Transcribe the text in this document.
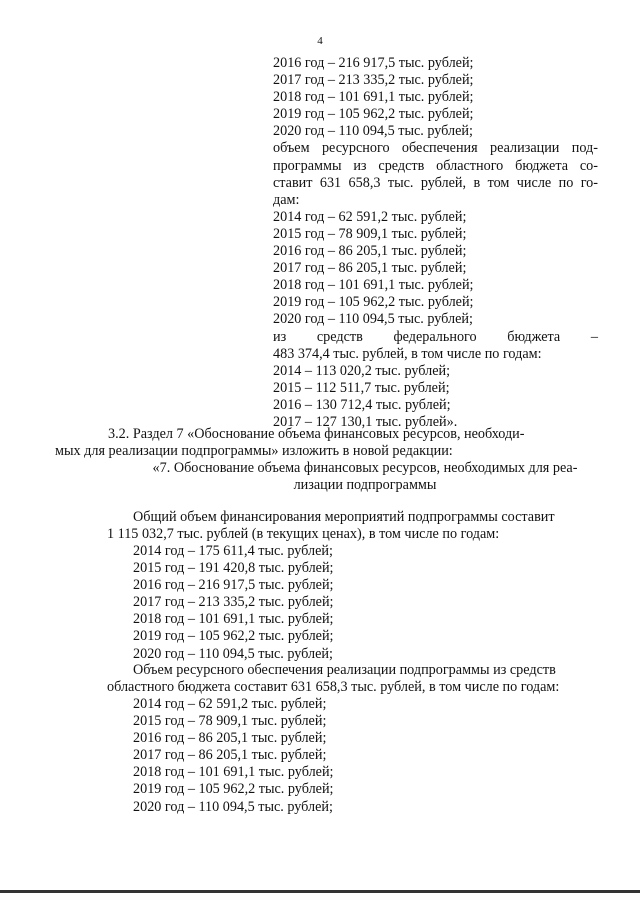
4
2016 год – 216 917,5 тыс. рублей;
2017 год – 213 335,2 тыс. рублей;
2018 год – 101 691,1 тыс. рублей;
2019 год – 105 962,2 тыс. рублей;
2020 год – 110 094,5 тыс. рублей;
объем ресурсного обеспечения реализации под-
программы из средств областного бюджета со-
ставит 631 658,3 тыс. рублей, в том числе по го-
дам:
2014 год – 62 591,2 тыс. рублей;
2015 год – 78 909,1 тыс. рублей;
2016 год – 86 205,1 тыс. рублей;
2017 год – 86 205,1 тыс. рублей;
2018 год – 101 691,1 тыс. рублей;
2019 год – 105 962,2 тыс. рублей;
2020 год – 110 094,5 тыс. рублей;
из средств федерального бюджета –
483 374,4 тыс. рублей, в том числе по годам:
2014 – 113 020,2 тыс. рублей;
2015 – 112 511,7 тыс. рублей;
2016 – 130 712,4 тыс. рублей;
2017 – 127 130,1 тыс. рублей».
3.2. Раздел 7 «Обоснование объема финансовых ресурсов, необходи-
мых для реализации подпрограммы» изложить в новой редакции:
«7. Обоснование объема финансовых ресурсов, необходимых для реа-
лизации подпрограммы
Общий объем финансирования мероприятий подпрограммы составит
1 115 032,7 тыс. рублей (в текущих ценах), в том числе по годам:
2014 год – 175 611,4 тыс. рублей;
2015 год – 191 420,8 тыс. рублей;
2016 год – 216 917,5 тыс. рублей;
2017 год – 213 335,2 тыс. рублей;
2018 год – 101 691,1 тыс. рублей;
2019 год – 105 962,2 тыс. рублей;
2020 год – 110 094,5 тыс. рублей;
Объем ресурсного обеспечения реализации подпрограммы из средств
областного бюджета составит 631 658,3 тыс. рублей, в том числе по годам:
2014 год – 62 591,2 тыс. рублей;
2015 год – 78 909,1 тыс. рублей;
2016 год – 86 205,1 тыс. рублей;
2017 год – 86 205,1 тыс. рублей;
2018 год – 101 691,1 тыс. рублей;
2019 год – 105 962,2 тыс. рублей;
2020 год – 110 094,5 тыс. рублей;
